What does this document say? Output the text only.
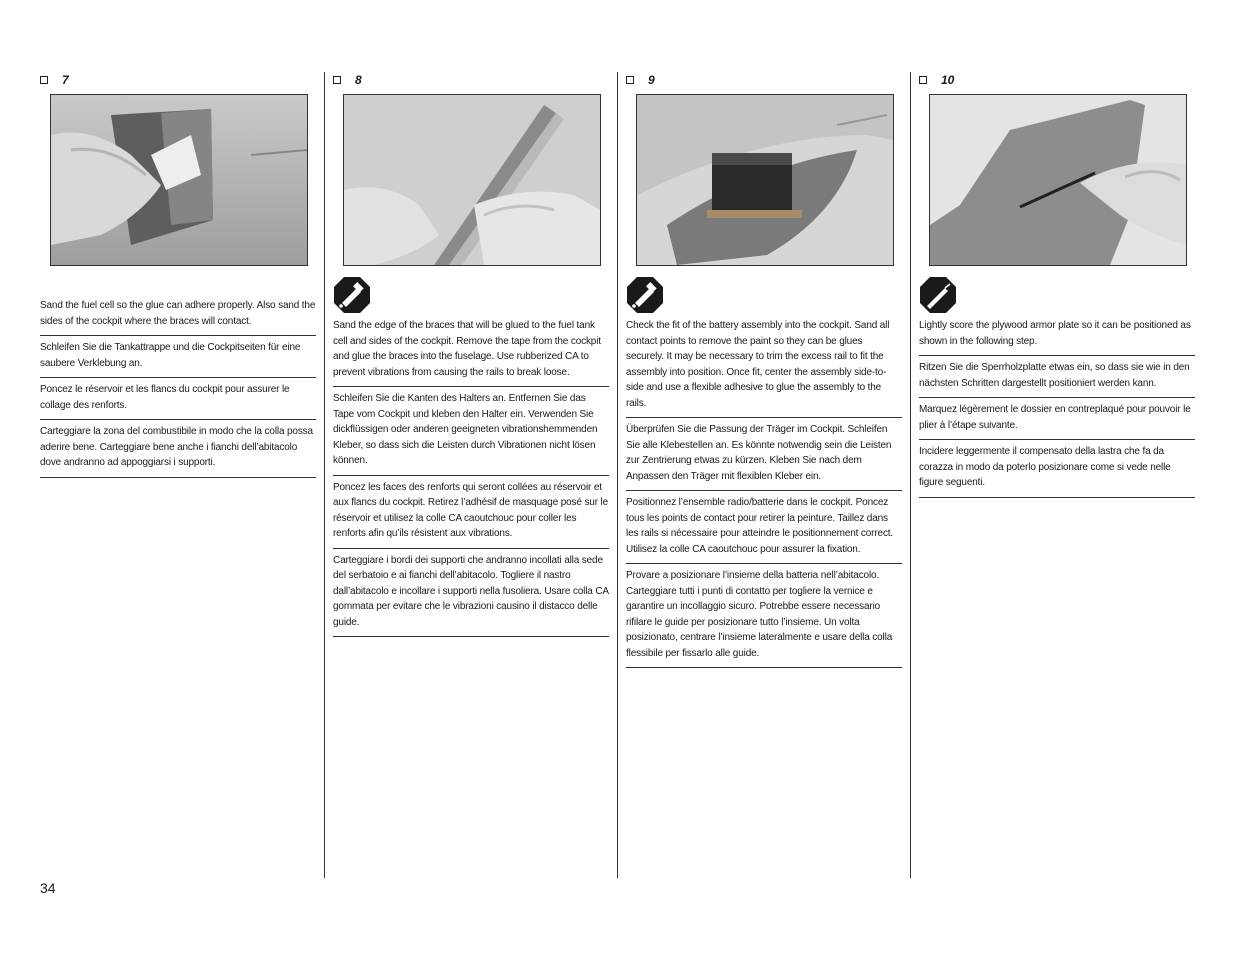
7
Sand the fuel cell so the glue can adhere properly. Also sand the sides of the cockpit where the braces will contact.
Schleifen Sie die Tankattrappe und die Cockpitseiten für eine saubere Verklebung an.
Poncez le réservoir et les flancs du cockpit pour assurer le collage des renforts.
Carteggiare la zona del combustibile in modo che la colla possa aderire bene. Carteggiare bene anche i fianchi dell’abitacolo dove andranno ad appoggiarsi i supporti.
8
Sand the edge of the braces that will be glued to the fuel tank cell and sides of the cockpit. Remove the tape from the cockpit and glue the braces into the fuselage. Use rubberized CA to prevent vibrations from causing the rails to break loose.
Schleifen Sie die Kanten des Halters an. Entfernen Sie das Tape vom Cockpit und kleben den Halter ein. Verwenden Sie dickflüssigen oder anderen geeigneten vibrationshemmenden Kleber, so dass sich die Leisten durch Vibrationen nicht lösen können.
Poncez les faces des renforts qui seront collées au réservoir et aux flancs du cockpit. Retirez l’adhésif de masquage posé sur le réservoir et utilisez la colle CA caoutchouc pour coller les renforts afin qu’ils résistent aux vibrations.
Carteggiare i bordi dei supporti che andranno incollati alla sede del serbatoio e ai fianchi dell’abitacolo. Togliere il nastro dall’abitacolo e incollare i supporti nella fusoliera. Usare colla CA gommata per evitare che le vibrazioni causino il distacco delle guide.
9
Check the fit of the battery assembly into the cockpit. Sand all contact points to remove the paint so they can be glues securely. It may be necessary to trim the excess rail to fit the assembly into position. Once fit, center the assembly side-to-side and use a flexible adhesive to glue the assembly to the rails.
Überprüfen Sie die Passung der Träger im Cockpit. Schleifen Sie alle Klebestellen an. Es könnte notwendig sein die Leisten zur Zentrierung etwas zu kürzen. Kleben Sie nach dem Anpassen den Träger mit flexiblen Kleber ein.
Positionnez l’ensemble radio/batterie dans le cockpit. Poncez tous les points de contact pour retirer la peinture. Taillez dans les rails si nécessaire pour atteindre le positionnement correct. Utilisez la colle CA caoutchouc pour assurer la fixation.
Provare a posizionare l’insieme della batteria nell’abitacolo. Carteggiare tutti i punti di contatto per togliere la vernice e garantire un incollaggio sicuro. Potrebbe essere necessario rifilare le guide per posizionare tutto l’insieme. Un volta posizionato, centrare l’insieme lateralmente e usare della colla flessibile per fissarlo alle guide.
10
Lightly score the plywood armor plate so it can be positioned as shown in the following step.
Ritzen Sie die Sperrholzplatte etwas ein, so dass sie wie in den nächsten Schritten dargestellt positioniert werden kann.
Marquez légèrement le dossier en contreplaqué pour pouvoir le plier à l’étape suivante.
Incidere leggermente il compensato della lastra che fa da corazza in modo da poterlo posizionare come si vede nelle figure seguenti.
34
